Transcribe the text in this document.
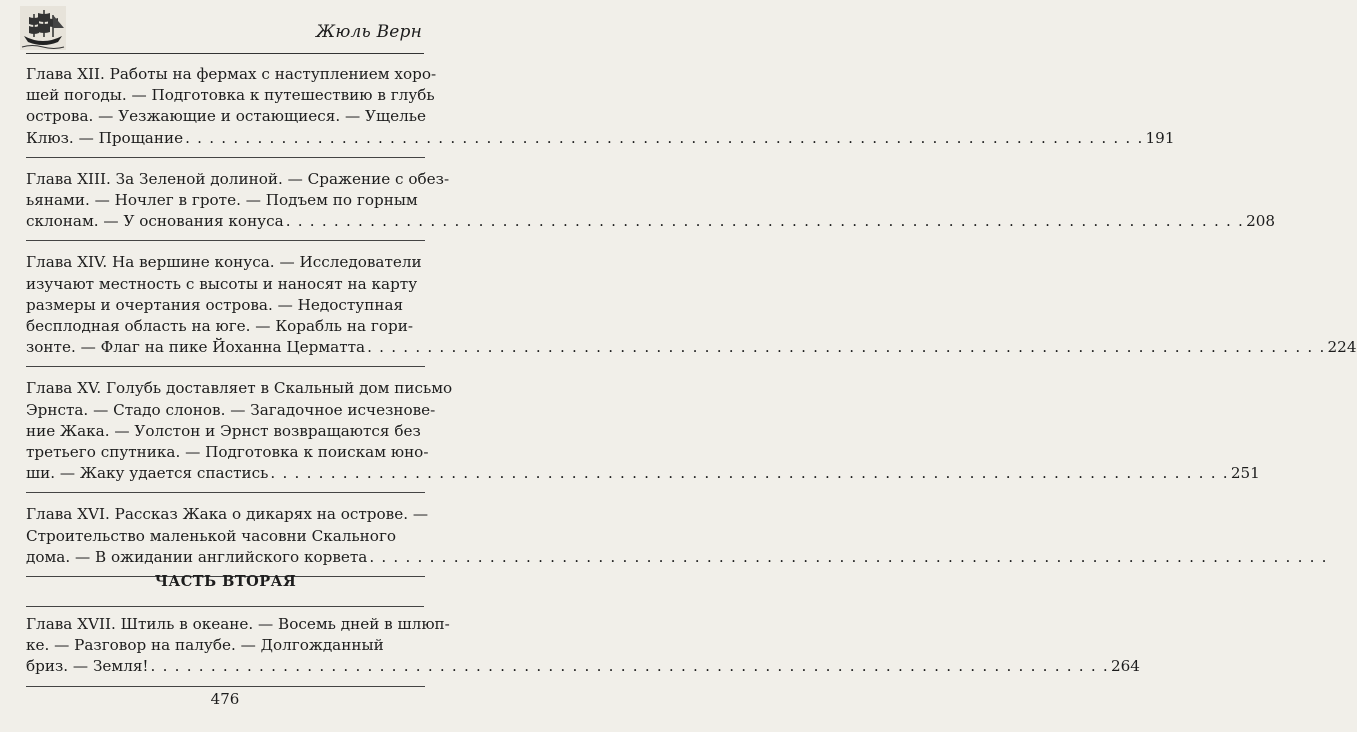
Жюль Верн
Глава XII. Работы на фермах с наступлением хоро-
шей погоды. — Подготовка к путешествию в глубь
острова. — Уезжающие и остающиеся. — Ущелье
Клюз. — Прощание . . . . . . . . . . . . . . . . . . . . . . . . . . . . . . . . . . . . . . . . . . . . . . . . . . . . . . . . . . . . . . . . . . . . . . . . . . . . . . . . 191
Глава XIII. За Зеленой долиной. — Сражение с обез-
ьянами. — Ночлег в гроте. — Подъем по горным
склонам. — У основания конуса . . . . . . . . . . . . . . . . . . . . . . . . . . . . . . . . . . . . . . . . . . . . . . . . . . . . . . . . . . . . . . . . . . . . . . . . . . . . . . . . 208
Глава XIV. На вершине конуса. — Исследователи
изучают местность с высоты и наносят на карту
размеры и очертания острова. — Недоступная
бесплодная область на юге. — Корабль на гори-
зонте. — Флаг на пике Йоханна Церматта . . . . . . . . . . . . . . . . . . . . . . . . . . . . . . . . . . . . . . . . . . . . . . . . . . . . . . . . . . . . . . . . . . . . . . . . . . . . . . . . 224
Глава XV. Голубь доставляет в Скальный дом письмо
Эрнста. — Стадо слонов. — Загадочное исчезнове-
ние Жака. — Уолстон и Эрнст возвращаются без
третьего спутника. — Подготовка к поискам юно-
ши. — Жаку удается спастись . . . . . . . . . . . . . . . . . . . . . . . . . . . . . . . . . . . . . . . . . . . . . . . . . . . . . . . . . . . . . . . . . . . . . . . . . . . . . . . . 251
Глава XVI. Рассказ Жака о дикарях на острове. —
Строительство маленькой часовни Скального
дома. — В ожидании английского корвета . . . . . . . . . . . . . . . . . . . . . . . . . . . . . . . . . . . . . . . . . . . . . . . . . . . . . . . . . . . . . . . . . . . . . . . . . . . . . . . .
ЧАСТЬ ВТОРАЯ
Глава XVII. Штиль в океане. — Восемь дней в шлюп-
ке. — Разговор на палубе. — Долгожданный
бриз. — Земля! . . . . . . . . . . . . . . . . . . . . . . . . . . . . . . . . . . . . . . . . . . . . . . . . . . . . . . . . . . . . . . . . . . . . . . . . . . . . . . . . 264
476
